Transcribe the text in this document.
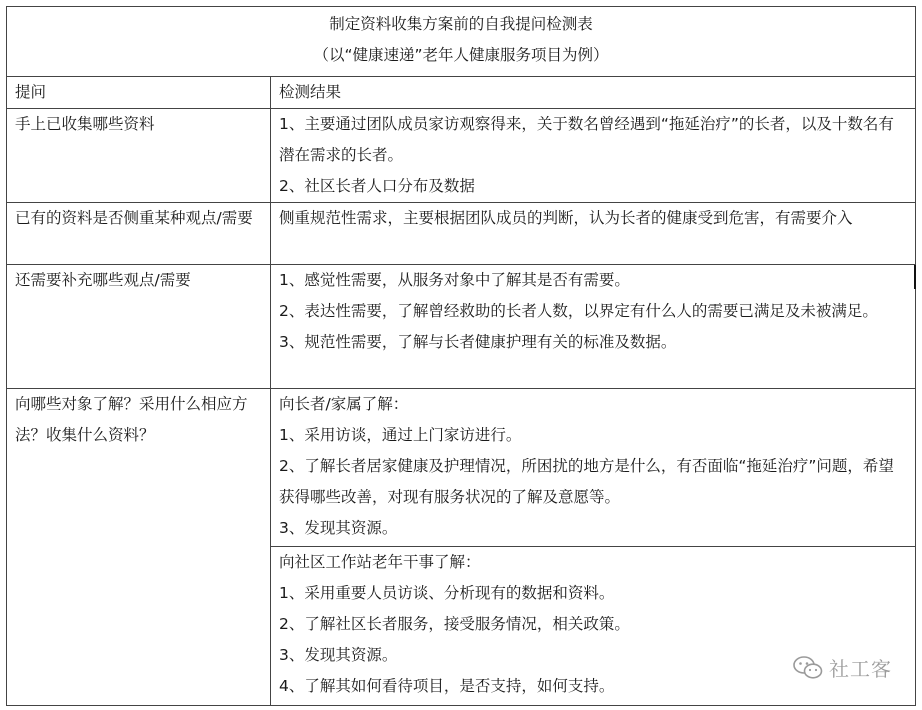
制定资料收集方案前的自我提问检测表
（以“健康速递”老年人健康服务项目为例）	

提问	检测结果

手上已收集哪些资料	1、主要通过团队成员家访观察得来，关于数名曾经遇到“拖延治疗”的长者，以及十数名有潜在需求的长者。
2、社区长者人口分布及数据

已有的资料是否侧重某种观点/需要	侧重规范性需求，主要根据团队成员的判断，认为长者的健康受到危害，有需要介入

还需要补充哪些观点/需要	1、感觉性需要，从服务对象中了解其是否有需要。
2、表达性需要，了解曾经救助的长者人数，以界定有什么人的需要已满足及未被满足。
3、规范性需要，了解与长者健康护理有关的标准及数据。

向哪些对象了解？采用什么相应方法？收集什么资料？	向长者/家属了解：
1、采用访谈，通过上门家访进行。
2、了解长者居家健康及护理情况，所困扰的地方是什么，有否面临“拖延治疗”问题，希望获得哪些改善，对现有服务状况的了解及意愿等。
3、发现其资源。

	向社区工作站老年干事了解：
1、采用重要人员访谈、分析现有的数据和资料。
2、了解社区长者服务，接受服务情况，相关政策。
3、发现其资源。
4、了解其如何看待项目，是否支持，如何支持。
社工客
